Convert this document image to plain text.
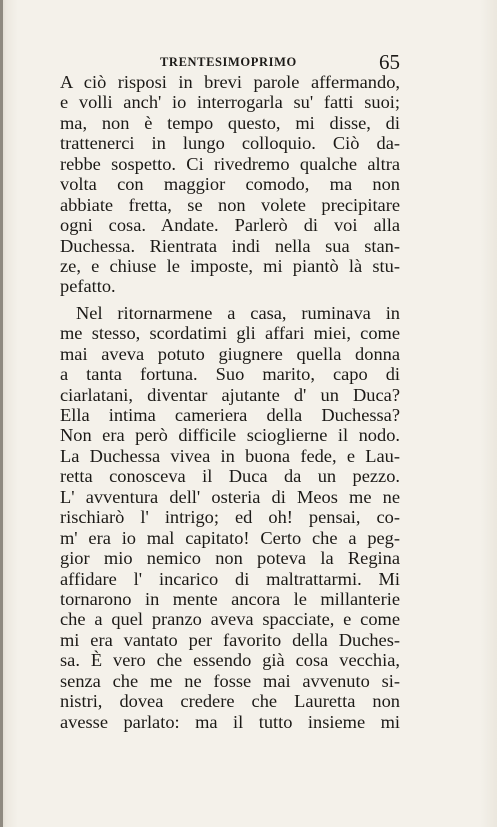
TRENTESIMOPRIMO	65
A ciò risposi in brevi parole affermando,
e volli anch' io interrogarla su' fatti suoi;
ma, non è tempo questo, mi disse, di
trattenerci in lungo colloquio. Ciò da-
rebbe sospetto. Ci rivedremo qualche altra
volta con maggior comodo, ma non
abbiate fretta, se non volete precipitare
ogni cosa. Andate. Parlerò di voi alla
Duchessa. Rientrata indi nella sua stan-
ze, e chiuse le imposte, mi piantò là stu-
pefatto.
Nel ritornarmene a casa, ruminava in
me stesso, scordatimi gli affari miei, come
mai aveva potuto giugnere quella donna
a tanta fortuna. Suo marito, capo di
ciarlatani, diventar ajutante d' un Duca?
Ella intima cameriera della Duchessa?
Non era però difficile scioglierne il nodo.
La Duchessa vivea in buona fede, e Lau-
retta conosceva il Duca da un pezzo.
L' avventura dell' osteria di Meos me ne
rischiarò l' intrigo; ed oh! pensai, co-
m' era io mal capitato! Certo che a peg-
gior mio nemico non poteva la Regina
affidare l' incarico di maltrattarmi. Mi
tornarono in mente ancora le millanterie
che a quel pranzo aveva spacciate, e come
mi era vantato per favorito della Duches-
sa. È vero che essendo già cosa vecchia,
senza che me ne fosse mai avvenuto si-
nistri, dovea credere che Lauretta non
avesse parlato: ma il tutto insieme mi
